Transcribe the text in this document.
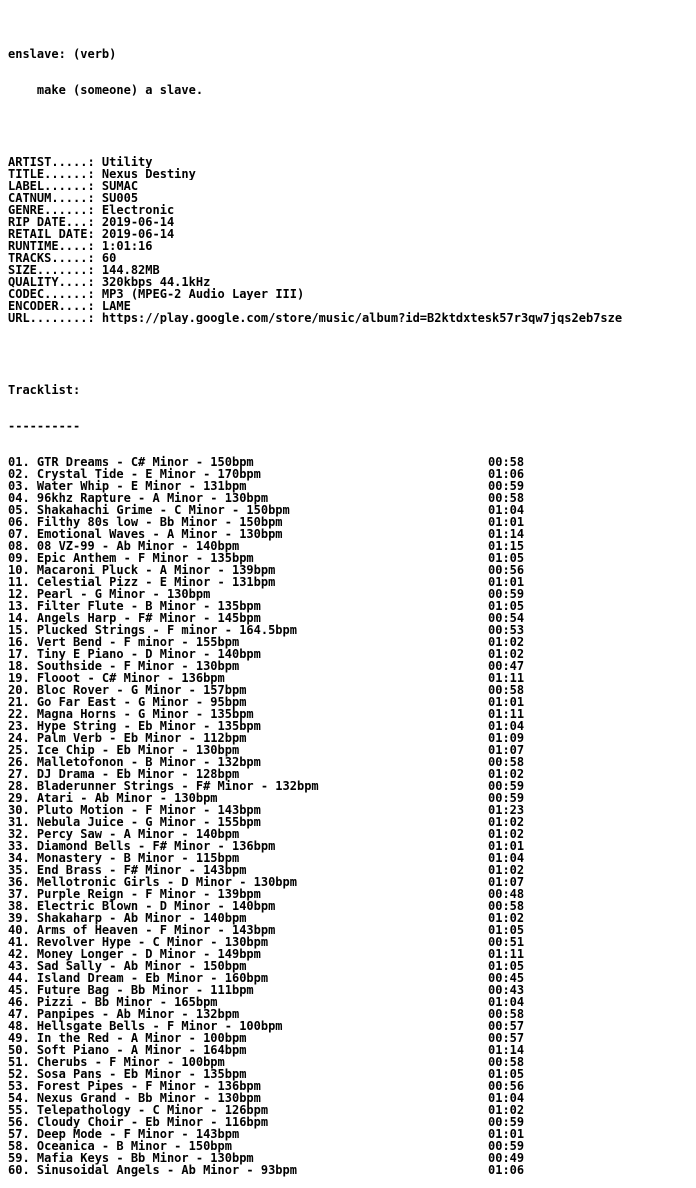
enslave: (verb)

make (someone) a slave.

ARTIST.....: Utility
TITLE......: Nexus Destiny
LABEL......: SUMAC
CATNUM.....: SU005
GENRE......: Electronic
RIP DATE...: 2019-06-14
RETAIL DATE: 2019-06-14
RUNTIME....: 1:01:16
TRACKS.....: 60
SIZE.......: 144.82MB
QUALITY....: 320kbps 44.1kHz
CODEC......: MP3 (MPEG-2 Audio Layer III)
ENCODER....: LAME
URL........: https://play.google.com/store/music/album?id=B2ktdxtesk57r3qw7jqs2eb7sze

Tracklist:

----------

01. GTR Dreams - C# Minor - 150bpm	00:58
02. Crystal Tide - E Minor - 170bpm	01:06
03. Water Whip - E Minor - 131bpm	00:59
04. 96khz Rapture - A Minor - 130bpm	00:58
05. Shakahachi Grime - C Minor - 150bpm	01:04
06. Filthy 80s low - Bb Minor - 150bpm	01:01
07. Emotional Waves - A Minor - 130bpm	01:14
08. 08 VZ-99 - Ab Minor - 140bpm	01:15
09. Epic Anthem - F Minor - 135bpm	01:05
10. Macaroni Pluck - A Minor - 139bpm	00:56
11. Celestial Pizz - E Minor - 131bpm	01:01
12. Pearl - G Minor - 130bpm	00:59
13. Filter Flute - B Minor - 135bpm	01:05
14. Angels Harp - F# Minor - 145bpm	00:54
15. Plucked Strings - F minor - 164.5bpm	00:53
16. Vert Bend - F minor - 155bpm	01:02
17. Tiny E Piano - D Minor - 140bpm	01:02
18. Southside - F Minor - 130bpm	00:47
19. Flooot - C# Minor - 136bpm	01:11
20. Bloc Rover - G Minor - 157bpm	00:58
21. Go Far East - G Minor - 95bpm	01:01
22. Magna Horns - G Minor - 135bpm	01:11
23. Hype String - Eb Minor - 135bpm	01:04
24. Palm Verb - Eb Minor - 112bpm	01:09
25. Ice Chip - Eb Minor - 130bpm	01:07
26. Malletofonon - B Minor - 132bpm	00:58
27. DJ Drama - Eb Minor - 128bpm	01:02
28. Bladerunner Strings - F# Minor - 132bpm	00:59
29. Atari - Ab Minor - 130bpm	00:59
30. Pluto Motion - F Minor - 143bpm	01:23
31. Nebula Juice - G Minor - 155bpm	01:02
32. Percy Saw - A Minor - 140bpm	01:02
33. Diamond Bells - F# Minor - 136bpm	01:01
34. Monastery - B Minor - 115bpm	01:04
35. End Brass - F# Minor - 143bpm	01:02
36. Mellotronic Girls - D Minor - 130bpm	01:07
37. Purple Reign - F Minor - 139bpm	00:48
38. Electric Blown - D Minor - 140bpm	00:58
39. Shakaharp - Ab Minor - 140bpm	01:02
40. Arms of Heaven - F Minor - 143bpm	01:05
41. Revolver Hype - C Minor - 130bpm	00:51
42. Money Longer - D Minor - 149bpm	01:11
43. Sad Sally - Ab Minor - 150bpm	01:05
44. Island Dream - Eb Minor - 160bpm	00:45
45. Future Bag - Bb Minor - 111bpm	00:43
46. Pizzi - Bb Minor - 165bpm	01:04
47. Panpipes - Ab Minor - 132bpm	00:58
48. Hellsgate Bells - F Minor - 100bpm	00:57
49. In the Red - A Minor - 100bpm	00:57
50. Soft Piano - A Minor - 164bpm	01:14
51. Cherubs - F Minor - 100bpm	00:58
52. Sosa Pans - Eb Minor - 135bpm	01:05
53. Forest Pipes - F Minor - 136bpm	00:56
54. Nexus Grand - Bb Minor - 130bpm	01:04
55. Telepathology - C Minor - 126bpm	01:02
56. Cloudy Choir - Eb Minor - 116bpm	00:59
57. Deep Mode - F Minor - 143bpm	01:01
58. Oceanica - B Minor - 150bpm	00:59
59. Mafia Keys - Bb Minor - 130bpm	00:49
60. Sinusoidal Angels - Ab Minor - 93bpm	01:06
